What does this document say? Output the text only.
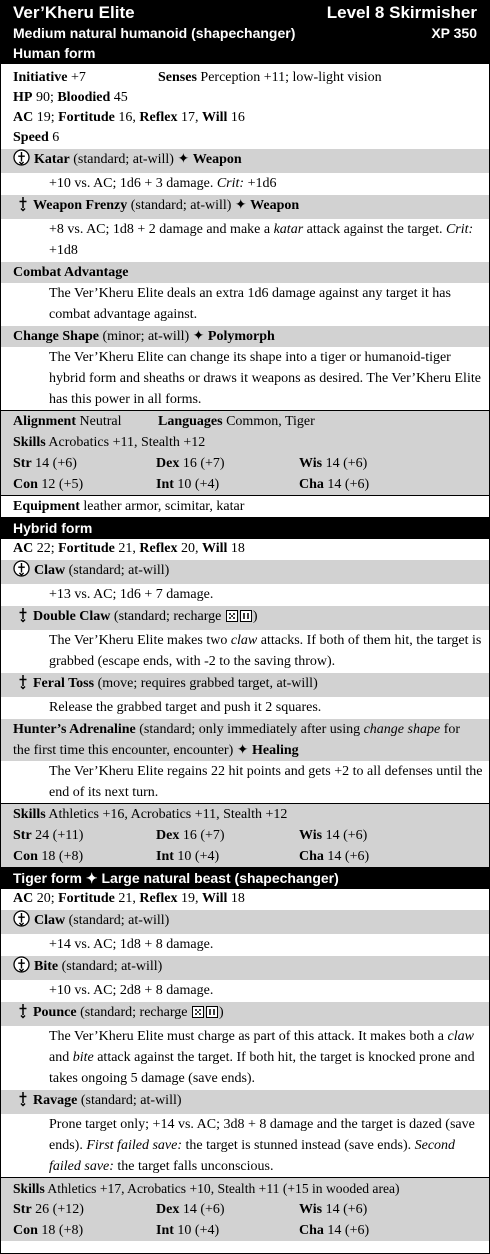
Ver’Kheru Elite	Level 8 Skirmisher
Medium natural humanoid (shapechanger)	XP 350
Human form
Initiative +7	Senses Perception +11; low-light vision
HP 90; Bloodied 45
AC 19; Fortitude 16, Reflex 17, Will 16
Speed 6
Katar (standard; at-will) ✦ Weapon
+10 vs. AC; 1d6 + 3 damage. Crit: +1d6
Weapon Frenzy (standard; at-will) ✦ Weapon
+8 vs. AC; 1d8 + 2 damage and make a katar attack against the target. Crit: +1d8
Combat Advantage
The Ver’Kheru Elite deals an extra 1d6 damage against any target it has combat advantage against.
Change Shape (minor; at-will) ✦ Polymorph
The Ver’Kheru Elite can change its shape into a tiger or humanoid-tiger hybrid form and sheaths or draws it weapons as desired. The Ver’Kheru Elite has this power in all forms.
Alignment Neutral	Languages Common, Tiger
Skills Acrobatics +11, Stealth +12
Str 14 (+6)	Dex 16 (+7)	Wis 14 (+6)
Con 12 (+5)	Int 10 (+4)	Cha 14 (+6)
Equipment leather armor, scimitar, katar
Hybrid form
AC 22; Fortitude 21, Reflex 20, Will 18
Claw (standard; at-will)
+13 vs. AC; 1d6 + 7 damage.
Double Claw (standard; recharge
)
The Ver’Kheru Elite makes two claw attacks. If both of them hit, the target is grabbed (escape ends, with -2 to the saving throw).
Feral Toss (move; requires grabbed target, at-will)
Release the grabbed target and push it 2 squares.
Hunter’s Adrenaline (standard; only immediately after using change shape for the first time this encounter, encounter) ✦ Healing
The Ver’Kheru Elite regains 22 hit points and gets +2 to all defenses until the end of its next turn.
Skills Athletics +16, Acrobatics +11, Stealth +12
Str 24 (+11)	Dex 16 (+7)	Wis 14 (+6)
Con 18 (+8)	Int 10 (+4)	Cha 14 (+6)
Tiger form ✦ Large natural beast (shapechanger)
AC 20; Fortitude 21, Reflex 19, Will 18
Claw (standard; at-will)
+14 vs. AC; 1d8 + 8 damage.
Bite (standard; at-will)
+10 vs. AC; 2d8 + 8 damage.
Pounce (standard; recharge
)
The Ver’Kheru Elite must charge as part of this attack. It makes both a claw and bite attack against the target. If both hit, the target is knocked prone and takes ongoing 5 damage (save ends).
Ravage (standard; at-will)
Prone target only; +14 vs. AC; 3d8 + 8 damage and the target is dazed (save ends). First failed save: the target is stunned instead (save ends). Second failed save: the target falls unconscious.
Skills Athletics +17, Acrobatics +10, Stealth +11 (+15 in wooded area)
Str 26 (+12)	Dex 14 (+6)	Wis 14 (+6)
Con 18 (+8)	Int 10 (+4)	Cha 14 (+6)
